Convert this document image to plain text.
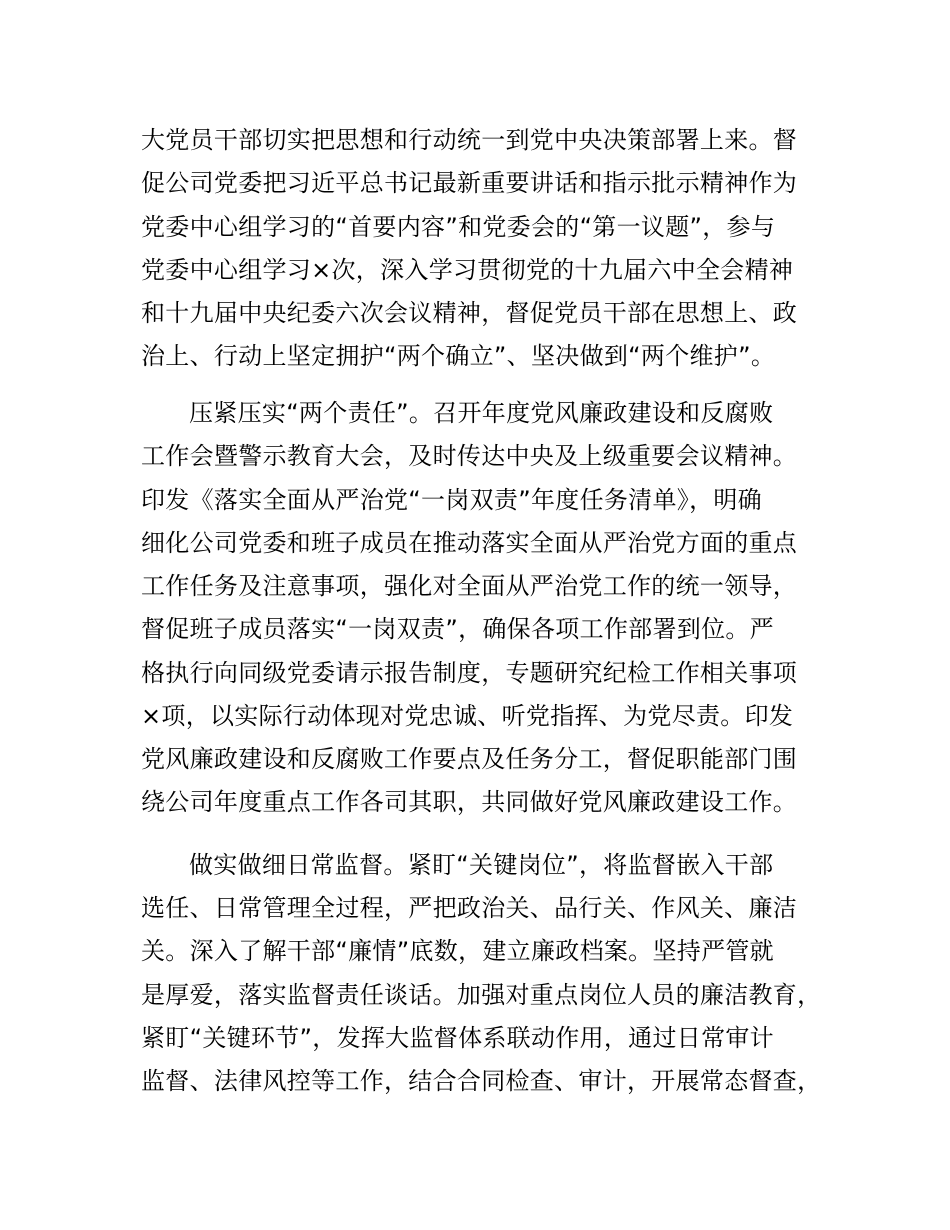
大党员干部切实把思想和行动统一到党中央决策部署上来。督
促公司党委把习近平总书记最新重要讲话和指示批示精神作为
党委中心组学习的“首要内容”和党委会的“第一议题”，参与
党委中心组学习×次，深入学习贯彻党的十九届六中全会精神
和十九届中央纪委六次会议精神，督促党员干部在思想上、政
治上、行动上坚定拥护“两个确立”、坚决做到“两个维护”。
压紧压实“两个责任”。召开年度党风廉政建设和反腐败
工作会暨警示教育大会，及时传达中央及上级重要会议精神。
印发《落实全面从严治党“一岗双责”年度任务清单》，明确
细化公司党委和班子成员在推动落实全面从严治党方面的重点
工作任务及注意事项，强化对全面从严治党工作的统一领导，
督促班子成员落实“一岗双责”，确保各项工作部署到位。严
格执行向同级党委请示报告制度，专题研究纪检工作相关事项
×项，以实际行动体现对党忠诚、听党指挥、为党尽责。印发
党风廉政建设和反腐败工作要点及任务分工，督促职能部门围
绕公司年度重点工作各司其职，共同做好党风廉政建设工作。
做实做细日常监督。紧盯“关键岗位”，将监督嵌入干部
选任、日常管理全过程，严把政治关、品行关、作风关、廉洁
关。深入了解干部“廉情”底数，建立廉政档案。坚持严管就
是厚爱，落实监督责任谈话。加强对重点岗位人员的廉洁教育，
紧盯“关键环节”，发挥大监督体系联动作用，通过日常审计
监督、法律风控等工作，结合合同检查、审计，开展常态督查，
